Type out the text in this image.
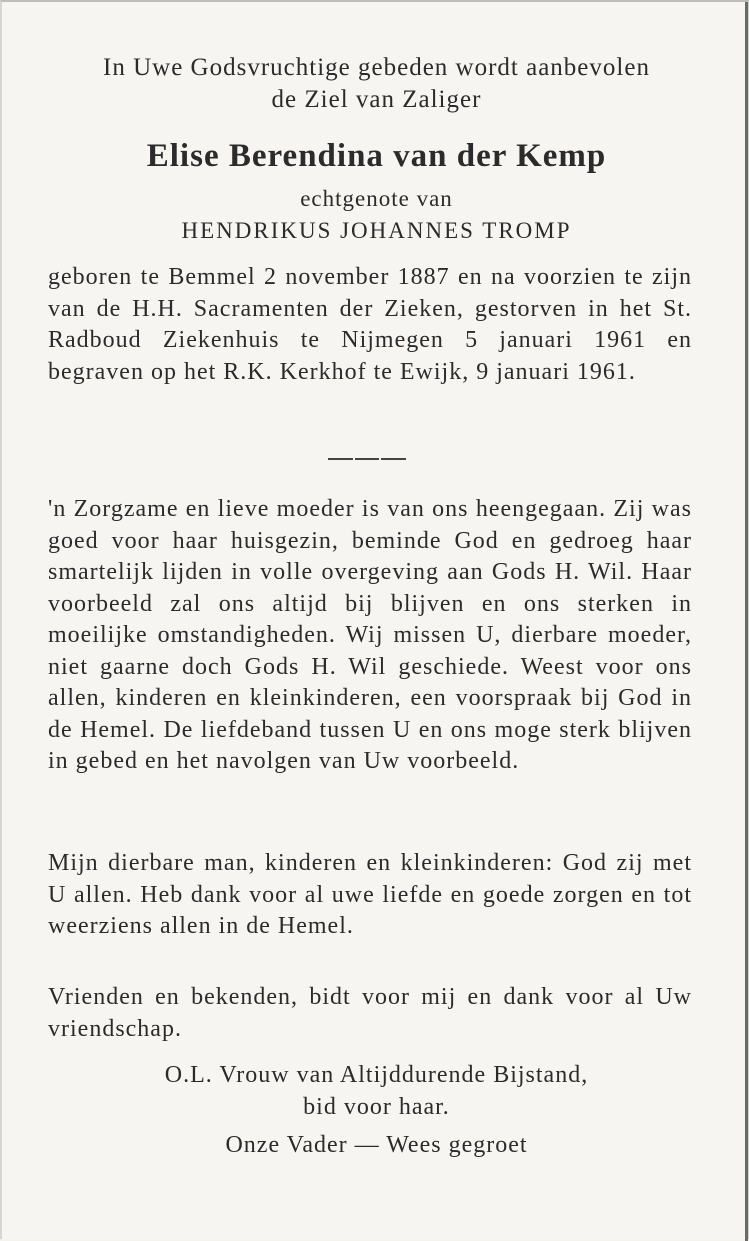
In Uwe Godsvruchtige gebeden wordt aanbevolen
de Ziel van Zaliger
Elise Berendina van der Kemp
echtgenote van
HENDRIKUS JOHANNES TROMP
geboren te Bemmel 2 november 1887 en na voorzien te zijn van de H.H. Sacramenten der Zieken, gestorven in het St. Radboud Ziekenhuis te Nijmegen 5 januari 1961 en begraven op het R.K. Kerkhof te Ewijk, 9 januari 1961.
'n Zorgzame en lieve moeder is van ons heengegaan. Zij was goed voor haar huisgezin, beminde God en gedroeg haar smartelijk lijden in volle overgeving aan Gods H. Wil. Haar voorbeeld zal ons altijd bij blijven en ons sterken in moeilijke omstandigheden. Wij missen U, dierbare moeder, niet gaarne doch Gods H. Wil geschiede. Weest voor ons allen, kinderen en kleinkinderen, een voorspraak bij God in de Hemel. De liefdeband tussen U en ons moge sterk blijven in gebed en het navolgen van Uw voorbeeld.
Mijn dierbare man, kinderen en kleinkinderen: God zij met U allen. Heb dank voor al uwe liefde en goede zorgen en tot weerziens allen in de Hemel.
Vrienden en bekenden, bidt voor mij en dank voor al Uw vriendschap.
O.L. Vrouw van Altijddurende Bijstand,
bid voor haar.
Onze Vader — Wees gegroet
